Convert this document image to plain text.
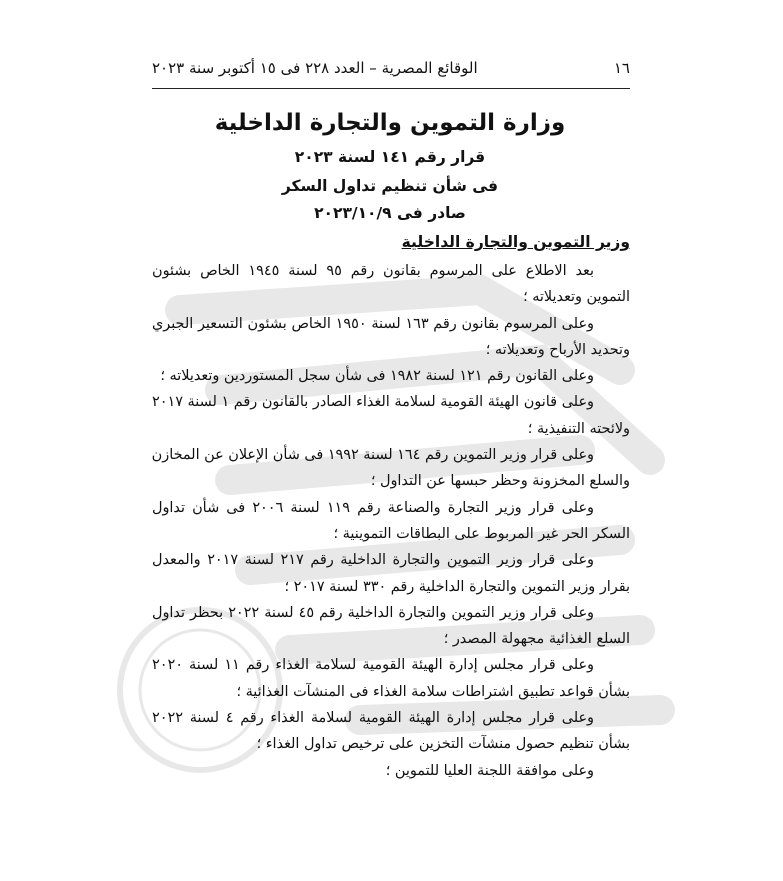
١٦
الوقائع المصرية – العدد ٢٢٨ فى ١٥ أكتوبر سنة ٢٠٢٣
وزارة التموين والتجارة الداخلية
قرار رقم ١٤١ لسنة ٢٠٢٣
فى شأن تنظيم تداول السكر
صادر فى ٢٠٢٣/١٠/٩
وزير التموين والتجارة الداخلية
بعد الاطلاع على المرسوم بقانون رقم ٩٥ لسنة ١٩٤٥ الخاص بشئون
التموين وتعديلاته ؛
وعلى المرسوم بقانون رقم ١٦٣ لسنة ١٩٥٠ الخاص بشئون التسعير الجبري
وتحديد الأرباح وتعديلاته ؛
وعلى القانون رقم ١٢١ لسنة ١٩٨٢ فى شأن سجل المستوردين وتعديلاته ؛
وعلى قانون الهيئة القومية لسلامة الغذاء الصادر بالقانون رقم ١ لسنة ٢٠١٧
ولائحته التنفيذية ؛
وعلى قرار وزير التموين رقم ١٦٤ لسنة ١٩٩٢ فى شأن الإعلان عن المخازن
والسلع المخزونة وحظر حبسها عن التداول ؛
وعلى قرار وزير التجارة والصناعة رقم ١١٩ لسنة ٢٠٠٦ فى شأن تداول
السكر الحر غير المربوط على البطاقات التموينية ؛
وعلى قرار وزير التموين والتجارة الداخلية رقم ٢١٧ لسنة ٢٠١٧ والمعدل
بقرار وزير التموين والتجارة الداخلية رقم ٣٣٠ لسنة ٢٠١٧ ؛
وعلى قرار وزير التموين والتجارة الداخلية رقم ٤٥ لسنة ٢٠٢٢ بحظر تداول
السلع الغذائية مجهولة المصدر ؛
وعلى قرار مجلس إدارة الهيئة القومية لسلامة الغذاء رقم ١١ لسنة ٢٠٢٠
بشأن قواعد تطبيق اشتراطات سلامة الغذاء فى المنشآت الغذائية ؛
وعلى قرار مجلس إدارة الهيئة القومية لسلامة الغذاء رقم ٤ لسنة ٢٠٢٢
بشأن تنظيم حصول منشآت التخزين على ترخيص تداول الغذاء ؛
وعلى موافقة اللجنة العليا للتموين ؛
